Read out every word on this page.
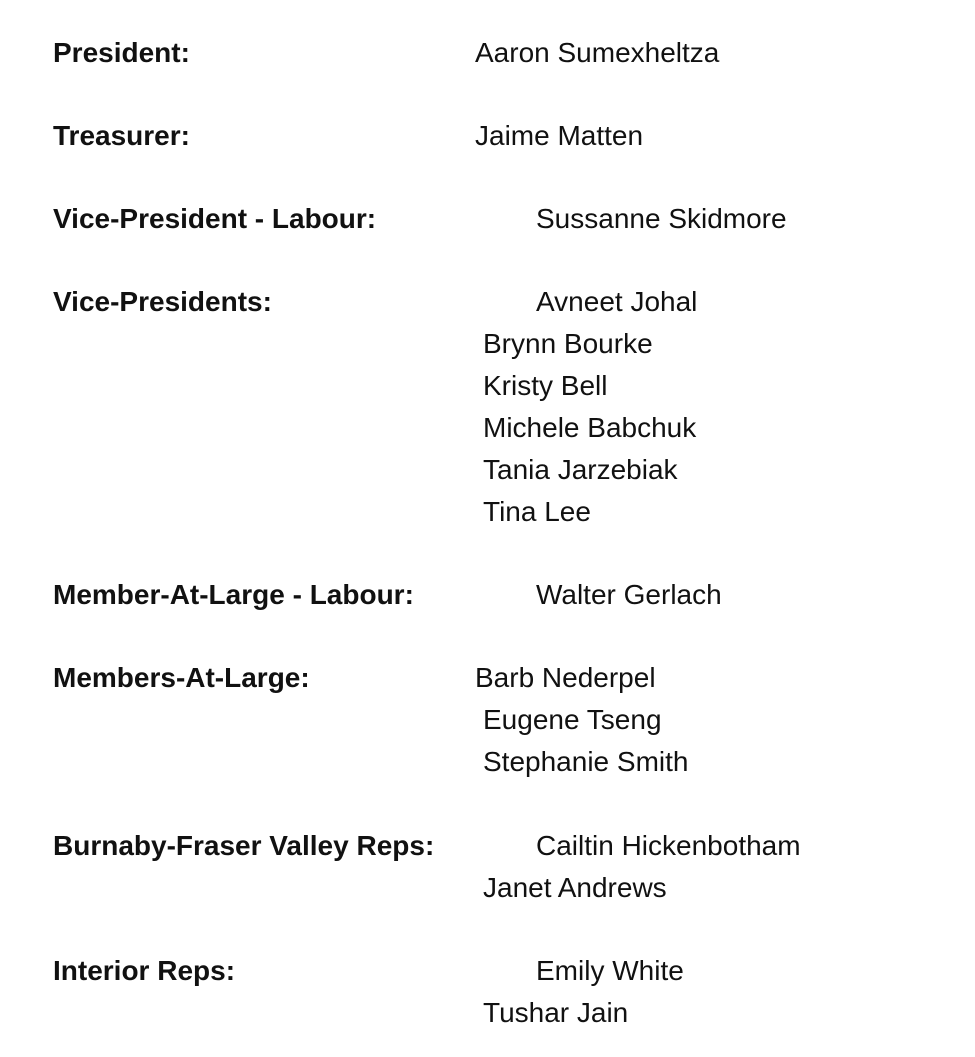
President:	Aaron Sumexheltza
Treasurer:	Jaime Matten
Vice-President - Labour:	Sussanne Skidmore
Vice-Presidents:	Avneet Johal
Brynn Bourke
Kristy Bell
Michele Babchuk
Tania Jarzebiak
Tina Lee
Member-At-Large - Labour:	Walter Gerlach
Members-At-Large:	Barb Nederpel
Eugene Tseng
Stephanie Smith
Burnaby-Fraser Valley Reps:	Cailtin Hickenbotham
Janet Andrews
Interior Reps:	Emily White
Tushar Jain
